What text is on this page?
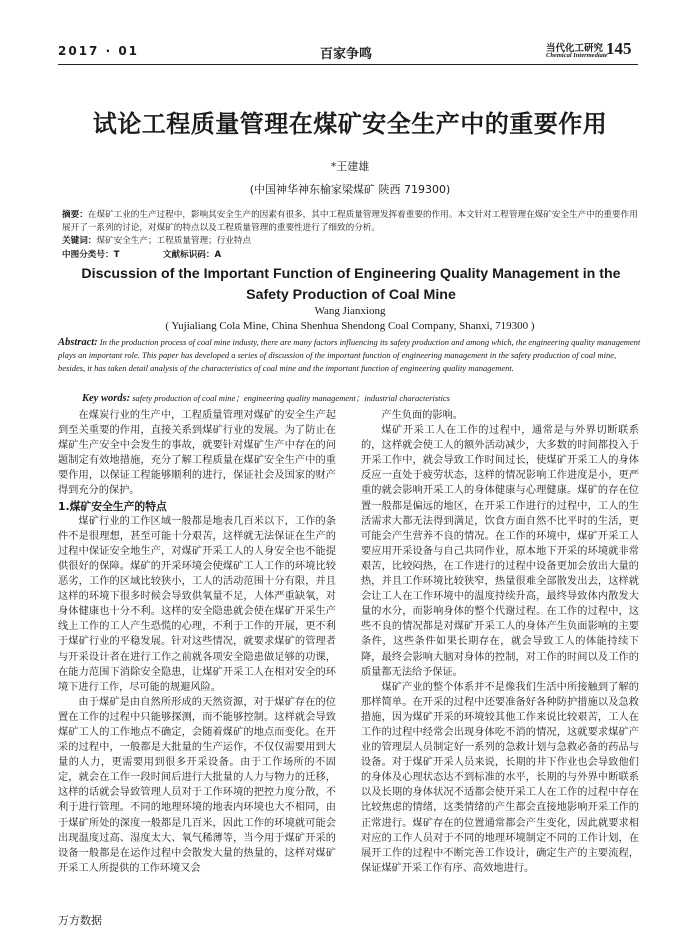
2017 · 01	百家争鸣	当代化工研究
Chemical Intermediate
145
试论工程质量管理在煤矿安全生产中的重要作用
*王建雄
(中国神华神东榆家梁煤矿 陕西 719300)
摘要：在煤矿工业的生产过程中，影响其安全生产的因素有很多，其中工程质量管理发挥着重要的作用。本文针对工程管理在煤矿安全生产中的重要作用展开了一系列的讨论，对煤矿的特点以及工程质量管理的重要性进行了细致的分析。
关键词：煤矿安全生产；工程质量管理；行业特点
中图分类号：T	文献标识码：A
Discussion of the Important Function of Engineering Quality Management in the Safety Production of Coal Mine
Wang Jianxiong
( Yujialiang Cola Mine, China Shenhua Shendong Coal Company, Shanxi, 719300 )
Abstract: In the production process of coal mine industy, there are many factors influencing its safety production and among which, the engineering quality management plays an important role. This paper has developed a series of discussion of the important function of engineering management in the safety production of coal mine, besides, it has taken detail analysis of the characteristics of coal mine and the important function of engineering quality management.
Key words: safety production of coal mine；engineering quality management；industrial characteristics

在煤炭行业的生产中，工程质量管理对煤矿的安全生产起到至关重要的作用，直接关系到煤矿行业的发展。为了防止在煤矿生产安全中会发生的事故，就要针对煤矿生产中存在的问题制定有效地措施，充分了解工程质量在煤矿安全生产中的重要作用，以保证工程能够顺利的进行，保证社会及国家的财产得到充分的保护。

1.煤矿安全生产的特点

煤矿行业的工作区域一般都是地表几百米以下，工作的条件不是很理想，甚至可能十分艰苦，这样就无法保证在生产的过程中保证安全地生产，对煤矿开采工人的人身安全也不能提供很好的保障。煤矿的开采环境会使煤矿工人工作的环境比较恶劣，工作的区域比较狭小，工人的活动范围十分有限，并且这样的环境下很多时候会导致供氧量不足，人体严重缺氧，对身体健康也十分不利。这样的安全隐患就会使在煤矿开采生产线上工作的工人产生恐慌的心理，不利于工作的开展，更不利于煤矿行业的平稳发展。针对这些情况，就要求煤矿的管理者与开采设计者在进行工作之前就各项安全隐患做足够的功课，在能力范围下消除安全隐患，让煤矿开采工人在相对安全的环境下进行工作，尽可能的规避风险。

由于煤矿是由自然所形成的天然资源，对于煤矿存在的位置在工作的过程中只能够探测，而不能够控制。这样就会导致煤矿工人的工作地点不确定，会随着煤矿的地点而变化。在开采的过程中，一般都是大批量的生产运作，不仅仅需要用到大量的人力，更需要用到很多开采设备。由于工作场所的不固定，就会在工作一段时间后进行大批量的人力与物力的迁移，这样的话就会导致管理人员对于工作环境的把控力度分散，不利于进行管理。不同的地理环境的地表内环境也大不相同，由于煤矿所处的深度一般都是几百米，因此工作的环境就可能会出现温度过高、湿度太大、氧气稀薄等，当今用于煤矿开采的设备一般都是在运作过程中会散发大量的热量的，这样对煤矿开采工人所提供的工作环境又会

产生负面的影响。

煤矿开采工人在工作的过程中，通常是与外界切断联系的，这样就会使工人的额外活动减少，大多数的时间都投入于开采工作中，就会导致工作时间过长，使煤矿开采工人的身体反应一直处于疲劳状态，这样的情况影响工作进度是小，更严重的就会影响开采工人的身体健康与心理健康。煤矿的存在位置一般都是偏远的地区，在开采工作进行的过程中，工人的生活需求大都无法得到满足，饮食方面自然不比平时的生活，更可能会产生营养不良的情况。在工作的环境中，煤矿开采工人要应用开采设备与自己共同作业，原本地下开采的环境就非常艰苦，比较闷热，在工作进行的过程中设备更加会放出大量的热，并且工作环境比较狭窄，热量很难全部散发出去，这样就会让工人在工作环境中的温度持续升高，最终导致体内散发大量的水分，而影响身体的整个代谢过程。在工作的过程中，这些不良的情况都是对煤矿开采工人的身体产生负面影响的主要条件，这些条件如果长期存在，就会导致工人的体能持续下降，最终会影响大脑对身体的控制，对工作的时间以及工作的质量都无法给予保证。

煤矿产业的整个体系并不是像我们生活中所接触到了解的那样简单。在开采的过程中还要准备好各种防护措施以及急救措施，因为煤矿开采的环境较其他工作来说比较艰苦，工人在工作的过程中经常会出现身体吃不消的情况，这就要求煤矿产业的管理层人员制定好一系列的急救计划与急救必备的药品与设备。对于煤矿开采人员来说，长期的井下作业也会导致他们的身体及心理状态达不到标准的水平，长期的与外界中断联系以及长期的身体状况不适都会使开采工人在工作的过程中存在比较焦虑的情绪，这类情绪的产生都会直接地影响开采工作的正常进行。煤矿存在的位置通常都会产生变化，因此就要求相对应的工作人员对于不同的地理环境制定不同的工作计划，在展开工作的过程中不断完善工作设计，确定生产的主要流程，保证煤矿开采工作有序、高效地进行。

万方数据
